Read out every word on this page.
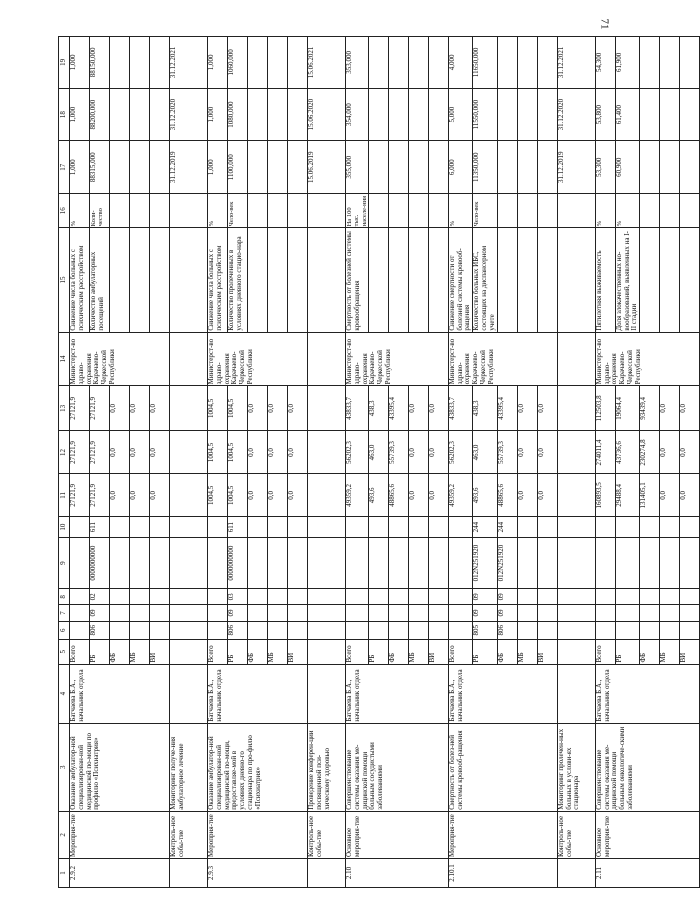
71
1	2	3	4	5	6	7	8	9	10	11	12	13	14	15	16	17	18	19
2.9.2	Мероприя-тие	Оказание амбулатор-ной специализирован-ной медицинской по-мощи по профилю «Психиатрия»	Батчаева Б.А., начальник отдела	Всего						27121,9	27121,9	27121,9	Министерст-во здраво-охранения Карачаево-Черкесской Республики	Снижение числа больных с психическим расстройством	%	1,000	1,000	1,000
				РБ	806	09	02	0000000000	611	27121,9	27121,9	27121,9		Количество амбулаторных посещений	Коли-чество	88315,000	88200,000	88150,000
				ФБ						0,0	0,0	0,0						
				МБ						0,0	0,0	0,0						
				ВИ						0,0	0,0	0,0						
	Контроль-ное собы-тие	Мониторинг получе-ния амбулаторное лечение														31.12.2019	31.12.2020	31.12.2021
2.9.3	Мероприя-тие	Оказание амбулатор-ной специализирован-ной медицинской по-мощи, предоставляе-мой в условиях дневно-го стационара по про-филю «Психиатрия»	Батчаева Б.А., начальник отдела	Всего						1004,5	1004,5	1004,5	Министерст-во здраво-охранения Карачаево-Черкесской Республики	Снижение числа больных с психическим расстройством	%	1,000	1,000	1,000
				РБ	806	09	03	0000000000	611	1004,5	1004,5	1004,5		Количество пролеченных в условиях дневного стацио-нара	Чело-век	1100,000	1080,000	1060,000
				ФБ						0,0	0,0	0,0						
				МБ						0,0	0,0	0,0						
				ВИ						0,0	0,0	0,0						
	Контроль-ное собы-тие	Проведение конферен-ции посвященной пси-хическому здоровью														15.06.2019	15.06.2020	15.06.2021
2.10	Основное мероприя-тие	Совершенствование системы оказания ме-дицинской помощи больным сосудистыми заболеваниями	Батчаева Б.А., начальник отдела	Всего						49359,2	56202,3	43833,7	Министерст-во здраво-охранения Карачаево-Черкесской Республики	Смертность от болезней системы кровообращения	На 100 тыс. населе-ния	355,000	354,000	353,000
				РБ						493,6	463,0	438,3						
				ФБ						48865,6	55739,3	43395,4						
				МБ						0,0	0,0	0,0						
				ВИ						0,0	0,0	0,0						
2.10.1	Мероприя-тие	Смертность от болез-ней системы кровооб-ращения	Батчаева Б.А., начальник отдела	Всего						49359,2	56202,3	43833,7	Министерст-во здраво-охранения Карачаево-Черкесской Республики	Снижение смертности от болезней системы кровооб-ращения	%	6,000	5,000	4,000
				РБ	805	09	09	012N251920	244	493,6	463,0	438,3		Количество больных ИБС, состоящих на диспансерном учете	Чело-век	11350,000	11550,000	11650,000
				ФБ	806	09	09	012N251920	244	48865,6	55739,3	43395,4						
				МБ						0,0	0,0	0,0						
				ВИ						0,0	0,0	0,0						
	Контроль-ное собы-тие	Мониторинг пролечен-ных больных в услови-ях стационара														31.12.2019	31.12.2020	31.12.2021
2.11	Основное мероприя-тие	Совершенствование системы оказания ме-дицинской помощи больным онкологиче-скими заболеваниями	Батчаева Б.А., начальник отдела	Всего						160893,5	274011,4	112503,8	Министерст-во здраво-охранения Карачаево-Черкесской Республики	Пятилетняя выживаемость	%	53,300	53,800	54,300
				РБ						29488,4	43736,6	19064,4		Доля злокачественных но-вообразований, выявленных на I-II стадии	%	60,900	61,400	61,900
				ФБ						131405,1	230274,8	93439,4						
				МБ						0,0	0,0	0,0						
				ВИ						0,0	0,0	0,0						
